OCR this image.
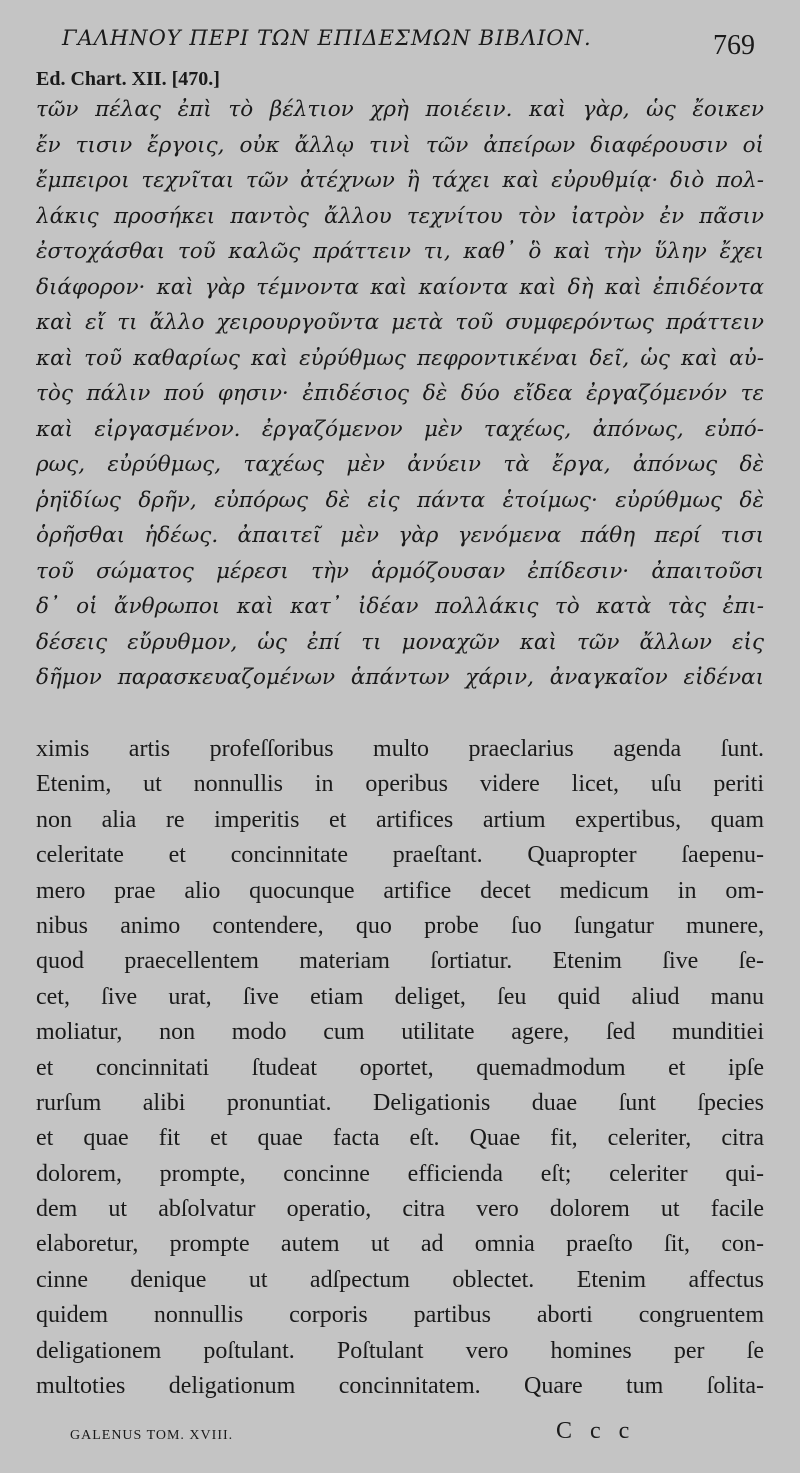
ΓΑΛΗΝΟΥ ΠΕΡΙ ΤΩΝ ΕΠΙΔΕΣΜΩΝ ΒΙΒΛΙΟΝ.	769
Ed. Chart. XII. [470.]
τῶν πέλας ἐπὶ τὸ βέλτιον χρὴ ποιέειν. καὶ γὰρ, ὡς ἔοικεν
ἔν τισιν ἔργοις, οὐκ ἄλλῳ τινὶ τῶν ἀπείρων διαφέρουσιν οἱ
ἔμπειροι τεχνῖται τῶν ἀτέχνων ἢ τάχει καὶ εὐρυθμίᾳ· διὸ πολ-
λάκις προσήκει παντὸς ἄλλου τεχνίτου τὸν ἰατρὸν ἐν πᾶσιν
ἐστοχάσθαι τοῦ καλῶς πράττειν τι, καθ᾿ ὃ καὶ τὴν ὕλην ἔχει
διάφορον· καὶ γὰρ τέμνοντα καὶ καίοντα καὶ δὴ καὶ ἐπιδέοντα
καὶ εἴ τι ἄλλο χειρουργοῦντα μετὰ τοῦ συμφερόντως πράττειν
καὶ τοῦ καθαρίως καὶ εὐρύθμως πεφροντικέναι δεῖ, ὡς καὶ αὐ-
τὸς πάλιν πού φησιν· ἐπιδέσιος δὲ δύο εἴδεα ἐργαζόμενόν τε
καὶ εἰργασμένον. ἐργαζόμενον μὲν ταχέως, ἀπόνως, εὐπό-
ρως, εὐρύθμως, ταχέως μὲν ἀνύειν τὰ ἔργα, ἀπόνως δὲ
ῥηϊδίως δρῆν, εὐπόρως δὲ εἰς πάντα ἑτοίμως· εὐρύθμως δὲ
ὁρῆσθαι ἡδέως. ἀπαιτεῖ μὲν γὰρ γενόμενα πάθη περί τισι
τοῦ σώματος μέρεσι τὴν ἁρμόζουσαν ἐπίδεσιν· ἀπαιτοῦσι
δ᾿ οἱ ἄνθρωποι καὶ κατ᾿ ἰδέαν πολλάκις τὸ κατὰ τὰς ἐπι-
δέσεις εὔρυθμον, ὡς ἐπί τι μοναχῶν καὶ τῶν ἄλλων εἰς
δῆμον παρασκευαζομένων ἁπάντων χάριν, ἀναγκαῖον εἰδέναι
ximis artis profeſſoribus multo praeclarius agenda ſunt.
Etenim, ut nonnullis in operibus videre licet, uſu periti
non alia re imperitis et artifices artium expertibus, quam
celeritate et concinnitate praeſtant. Quapropter ſaepenu-
mero prae alio quocunque artifice decet medicum in om-
nibus animo contendere, quo probe ſuo ſungatur munere,
quod praecellentem materiam ſortiatur. Etenim ſive ſe-
cet, ſive urat, ſive etiam deliget, ſeu quid aliud manu
moliatur, non modo cum utilitate agere, ſed munditiei
et concinnitati ſtudeat oportet, quemadmodum et ipſe
rurſum alibi pronuntiat. Deligationis duae ſunt ſpecies
et quae fit et quae facta eſt. Quae fit, celeriter, citra
dolorem, prompte, concinne efficienda eſt; celeriter qui-
dem ut abſolvatur operatio, citra vero dolorem ut facile
elaboretur, prompte autem ut ad omnia praeſto ſit, con-
cinne denique ut adſpectum oblectet. Etenim affectus
quidem nonnullis corporis partibus aborti congruentem
deligationem poſtulant. Poſtulant vero homines per ſe
multoties deligationum concinnitatem. Quare tum ſolita-
GALENUS TOM. XVIII.	C c c
